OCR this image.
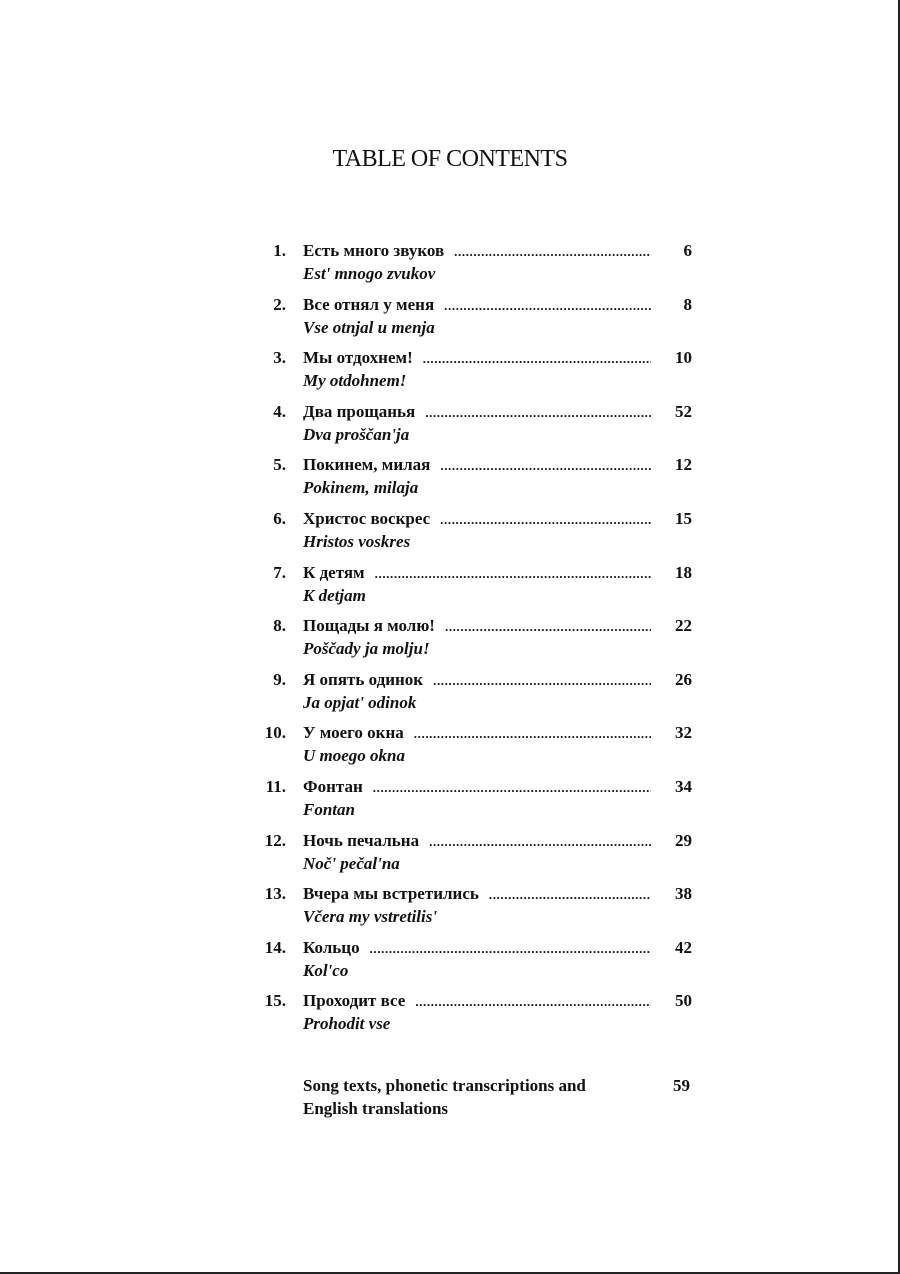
TABLE OF CONTENTS
1. Есть много звуков
.....
Est' mnogo zvukov
6
2. Все отнял у меня
.....
Vse otnjal u menja
8
3. Мы отдохнем!
.....
My otdohnem!
10
4. Два прощанья
.....
Dva proščan'ja
52
5. Покинем, милая
.....
Pokinem, milaja
12
6. Христос воскрес
.....
Hristos voskres
15
7. К детям
.....
K detjam
18
8. Пощады я молю!
.....
Poščady ja molju!
22
9. Я опять одинок
.....
Ja opjat' odinok
26
10. У моего окна
.....
U moego okna
32
11. Фонтан
.....
Fontan
34
12. Ночь печальна
.....
Noč' pečal'na
29
13. Вчера мы встретились
.....
Včera my vstretilis'
38
14. Кольцо
.....
Kol'co
42
15. Проходит все
.....
Prohodit vse
50
Song texts, phonetic transcriptions and
English translations
59
